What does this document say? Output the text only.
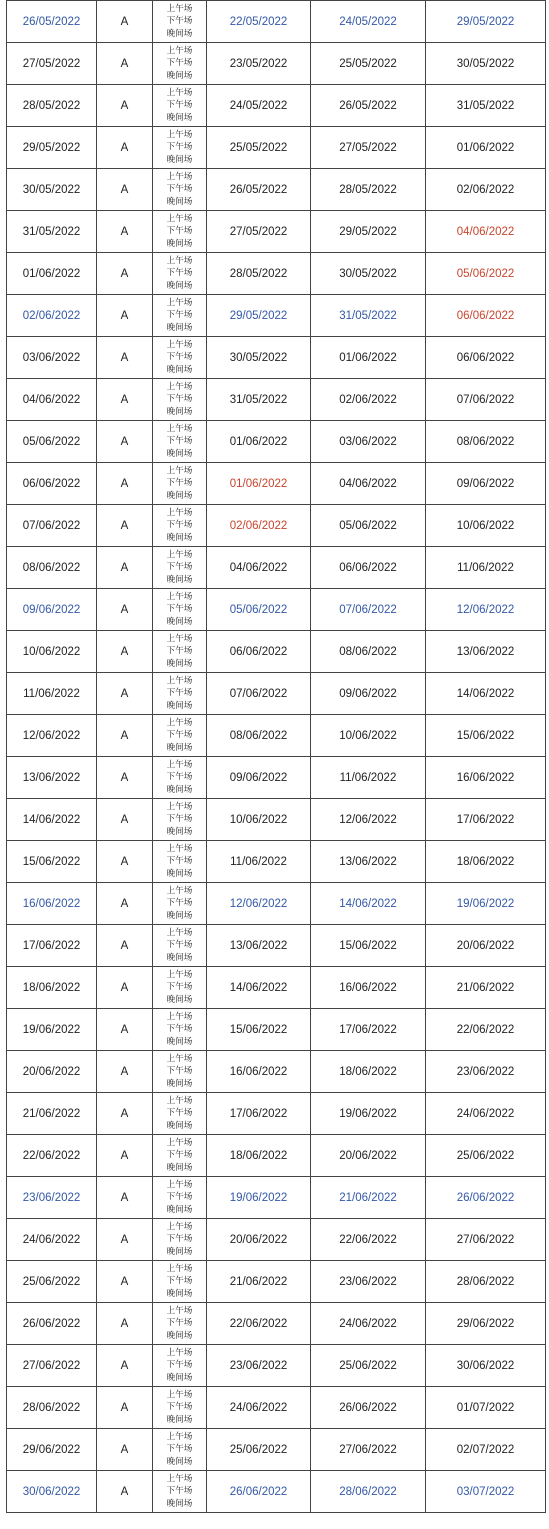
26/05/2022	A	上午场
下午场
晚间场	22/05/2022	24/05/2022	29/05/2022
27/05/2022	A	上午场
下午场
晚间场	23/05/2022	25/05/2022	30/05/2022
28/05/2022	A	上午场
下午场
晚间场	24/05/2022	26/05/2022	31/05/2022
29/05/2022	A	上午场
下午场
晚间场	25/05/2022	27/05/2022	01/06/2022
30/05/2022	A	上午场
下午场
晚间场	26/05/2022	28/05/2022	02/06/2022
31/05/2022	A	上午场
下午场
晚间场	27/05/2022	29/05/2022	04/06/2022
01/06/2022	A	上午场
下午场
晚间场	28/05/2022	30/05/2022	05/06/2022
02/06/2022	A	上午场
下午场
晚间场	29/05/2022	31/05/2022	06/06/2022
03/06/2022	A	上午场
下午场
晚间场	30/05/2022	01/06/2022	06/06/2022
04/06/2022	A	上午场
下午场
晚间场	31/05/2022	02/06/2022	07/06/2022
05/06/2022	A	上午场
下午场
晚间场	01/06/2022	03/06/2022	08/06/2022
06/06/2022	A	上午场
下午场
晚间场	01/06/2022	04/06/2022	09/06/2022
07/06/2022	A	上午场
下午场
晚间场	02/06/2022	05/06/2022	10/06/2022
08/06/2022	A	上午场
下午场
晚间场	04/06/2022	06/06/2022	11/06/2022
09/06/2022	A	上午场
下午场
晚间场	05/06/2022	07/06/2022	12/06/2022
10/06/2022	A	上午场
下午场
晚间场	06/06/2022	08/06/2022	13/06/2022
11/06/2022	A	上午场
下午场
晚间场	07/06/2022	09/06/2022	14/06/2022
12/06/2022	A	上午场
下午场
晚间场	08/06/2022	10/06/2022	15/06/2022
13/06/2022	A	上午场
下午场
晚间场	09/06/2022	11/06/2022	16/06/2022
14/06/2022	A	上午场
下午场
晚间场	10/06/2022	12/06/2022	17/06/2022
15/06/2022	A	上午场
下午场
晚间场	11/06/2022	13/06/2022	18/06/2022
16/06/2022	A	上午场
下午场
晚间场	12/06/2022	14/06/2022	19/06/2022
17/06/2022	A	上午场
下午场
晚间场	13/06/2022	15/06/2022	20/06/2022
18/06/2022	A	上午场
下午场
晚间场	14/06/2022	16/06/2022	21/06/2022
19/06/2022	A	上午场
下午场
晚间场	15/06/2022	17/06/2022	22/06/2022
20/06/2022	A	上午场
下午场
晚间场	16/06/2022	18/06/2022	23/06/2022
21/06/2022	A	上午场
下午场
晚间场	17/06/2022	19/06/2022	24/06/2022
22/06/2022	A	上午场
下午场
晚间场	18/06/2022	20/06/2022	25/06/2022
23/06/2022	A	上午场
下午场
晚间场	19/06/2022	21/06/2022	26/06/2022
24/06/2022	A	上午场
下午场
晚间场	20/06/2022	22/06/2022	27/06/2022
25/06/2022	A	上午场
下午场
晚间场	21/06/2022	23/06/2022	28/06/2022
26/06/2022	A	上午场
下午场
晚间场	22/06/2022	24/06/2022	29/06/2022
27/06/2022	A	上午场
下午场
晚间场	23/06/2022	25/06/2022	30/06/2022
28/06/2022	A	上午场
下午场
晚间场	24/06/2022	26/06/2022	01/07/2022
29/06/2022	A	上午场
下午场
晚间场	25/06/2022	27/06/2022	02/07/2022
30/06/2022	A	上午场
下午场
晚间场	26/06/2022	28/06/2022	03/07/2022
